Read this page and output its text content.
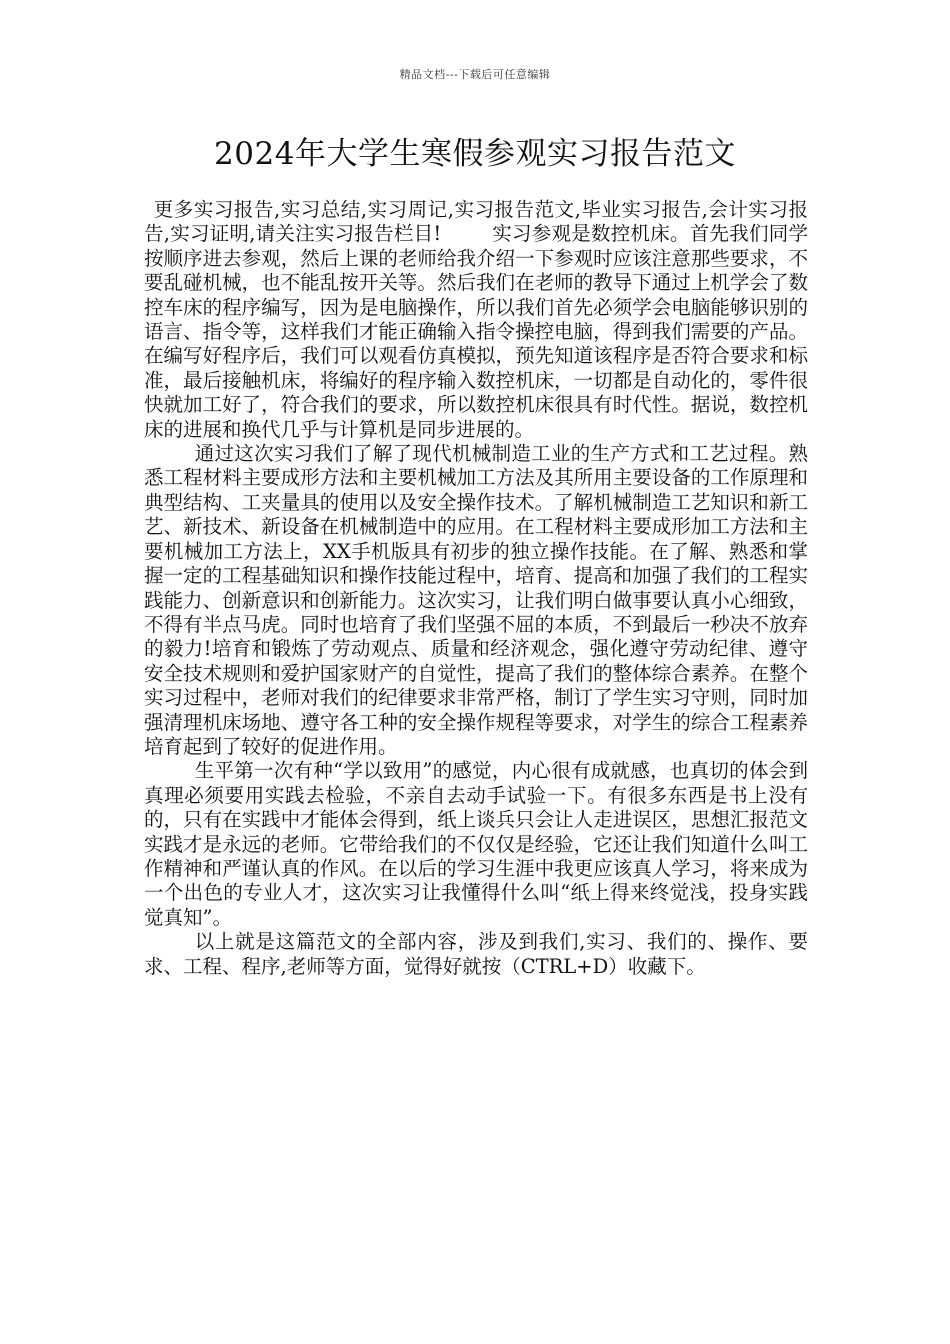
精品文档---下载后可任意编辑
2024年大学生寒假参观实习报告范文

更多实习报告,实习总结,实习周记,实习报告范文,毕业实习报告,会计实习报告,实习证明,请关注实习报告栏目!	实习参观是数控机床。首先我们同学按顺序进去参观，然后上课的老师给我介绍一下参观时应该注意那些要求，不要乱碰机械，也不能乱按开关等。然后我们在老师的教导下通过上机学会了数控车床的程序编写，因为是电脑操作，所以我们首先必须学会电脑能够识别的语言、指令等，这样我们才能正确输入指令操控电脑，得到我们需要的产品。在编写好程序后，我们可以观看仿真模拟，预先知道该程序是否符合要求和标准，最后接触机床，将编好的程序输入数控机床，一切都是自动化的，零件很快就加工好了，符合我们的要求，所以数控机床很具有时代性。据说，数控机床的进展和换代几乎与计算机是同步进展的。

通过这次实习我们了解了现代机械制造工业的生产方式和工艺过程。熟悉工程材料主要成形方法和主要机械加工方法及其所用主要设备的工作原理和典型结构、工夹量具的使用以及安全操作技术。了解机械制造工艺知识和新工艺、新技术、新设备在机械制造中的应用。在工程材料主要成形加工方法和主要机械加工方法上，XX手机版具有初步的独立操作技能。在了解、熟悉和掌握一定的工程基础知识和操作技能过程中，培育、提高和加强了我们的工程实践能力、创新意识和创新能力。这次实习，让我们明白做事要认真小心细致，不得有半点马虎。同时也培育了我们坚强不屈的本质，不到最后一秒决不放弃的毅力!培育和锻炼了劳动观点、质量和经济观念，强化遵守劳动纪律、遵守安全技术规则和爱护国家财产的自觉性，提高了我们的整体综合素养。在整个实习过程中，老师对我们的纪律要求非常严格，制订了学生实习守则，同时加强清理机床场地、遵守各工种的安全操作规程等要求，对学生的综合工程素养培育起到了较好的促进作用。

生平第一次有种“学以致用”的感觉，内心很有成就感，也真切的体会到真理必须要用实践去检验，不亲自去动手试验一下。有很多东西是书上没有的，只有在实践中才能体会得到，纸上谈兵只会让人走进误区，思想汇报范文实践才是永远的老师。它带给我们的不仅仅是经验，它还让我们知道什么叫工作精神和严谨认真的作风。在以后的学习生涯中我更应该真人学习，将来成为一个出色的专业人才，这次实习让我懂得什么叫“纸上得来终觉浅，投身实践觉真知”。

以上就是这篇范文的全部内容，涉及到我们,实习、我们的、操作、要求、工程、程序,老师等方面，觉得好就按（CTRL+D）收藏下。
